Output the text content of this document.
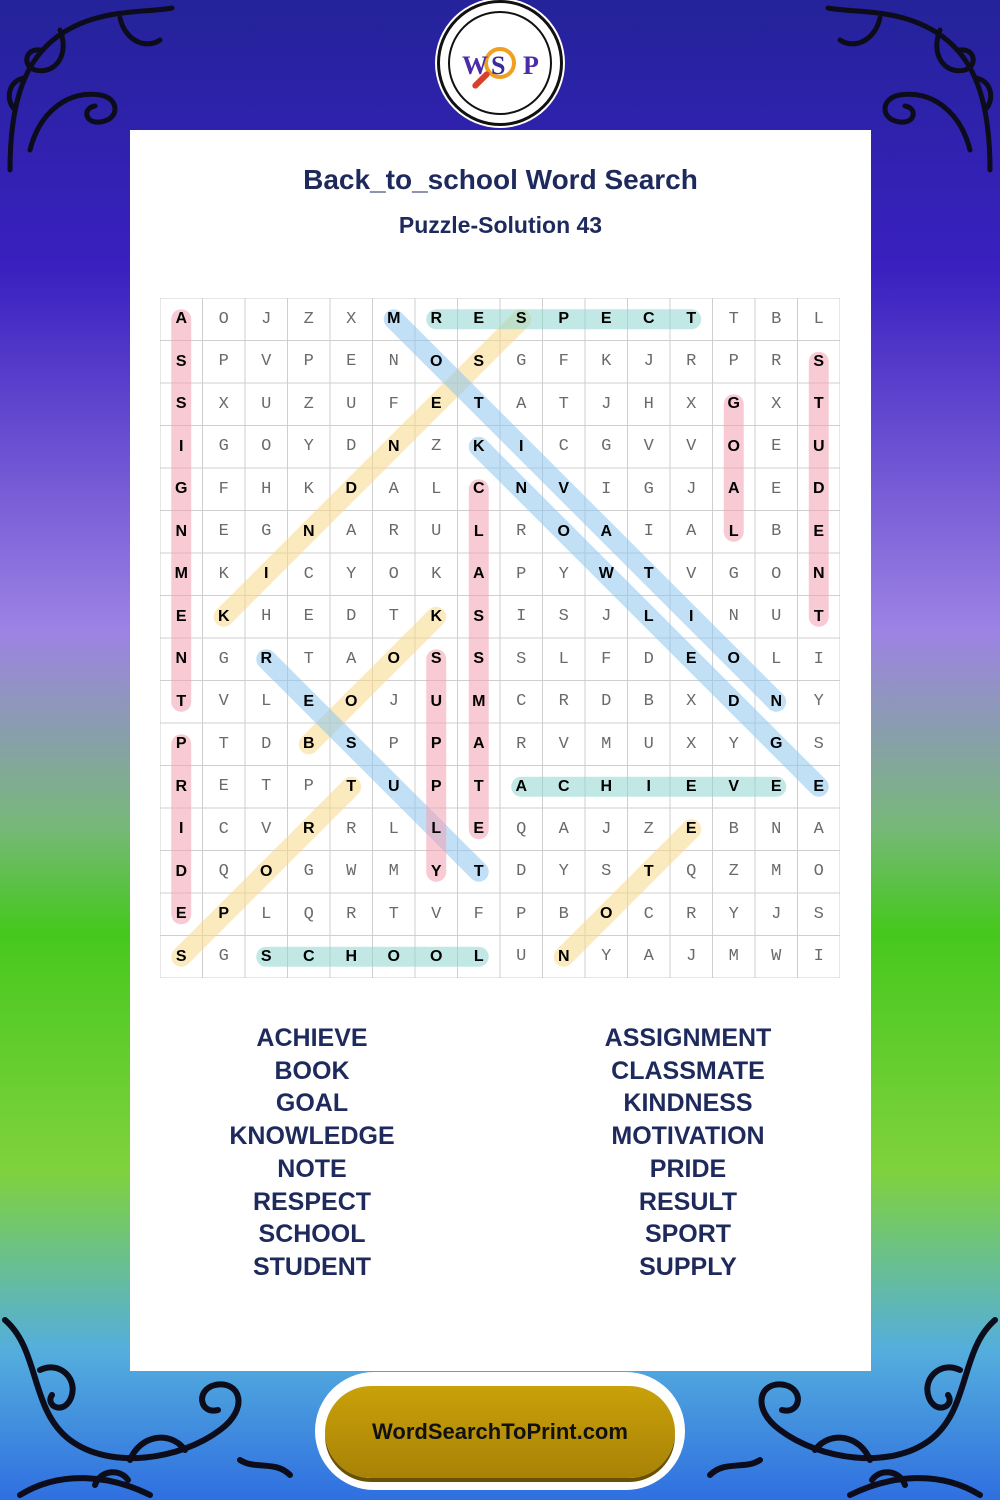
W S P
Back_to_school Word Search
Puzzle-Solution 43
A	O	J	Z	X	M	R	E	S	P	E	C	T	T	B	L
S	P	V	P	E	N	O	S	G	F	K	J	R	P	R	S
S	X	U	Z	U	F	E	T	A	T	J	H	X	G	X	T
I	G	O	Y	D	N	Z	K	I	C	G	V	V	O	E	U
G	F	H	K	D	A	L	C	N	V	I	G	J	A	E	D
N	E	G	N	A	R	U	L	R	O	A	I	A	L	B	E
M	K	I	C	Y	O	K	A	P	Y	W	T	V	G	O	N
E	K	H	E	D	T	K	S	I	S	J	L	I	N	U	T
N	G	R	T	A	O	S	S	S	L	F	D	E	O	L	I
T	V	L	E	O	J	U	M	C	R	D	B	X	D	N	Y
P	T	D	B	S	P	P	A	R	V	M	U	X	Y	G	S
R	E	T	P	T	U	P	T	A	C	H	I	E	V	E	E
I	C	V	R	R	L	L	E	Q	A	J	Z	E	B	N	A
D	Q	O	G	W	M	Y	T	D	Y	S	T	Q	Z	M	O
E	P	L	Q	R	T	V	F	P	B	O	C	R	Y	J	S
S	G	S	C	H	O	O	L	U	N	Y	A	J	M	W	I
ACHIEVE
BOOK
GOAL
KNOWLEDGE
NOTE
RESPECT
SCHOOL
STUDENT
ASSIGNMENT
CLASSMATE
KINDNESS
MOTIVATION
PRIDE
RESULT
SPORT
SUPPLY
WordSearchToPrint.com
